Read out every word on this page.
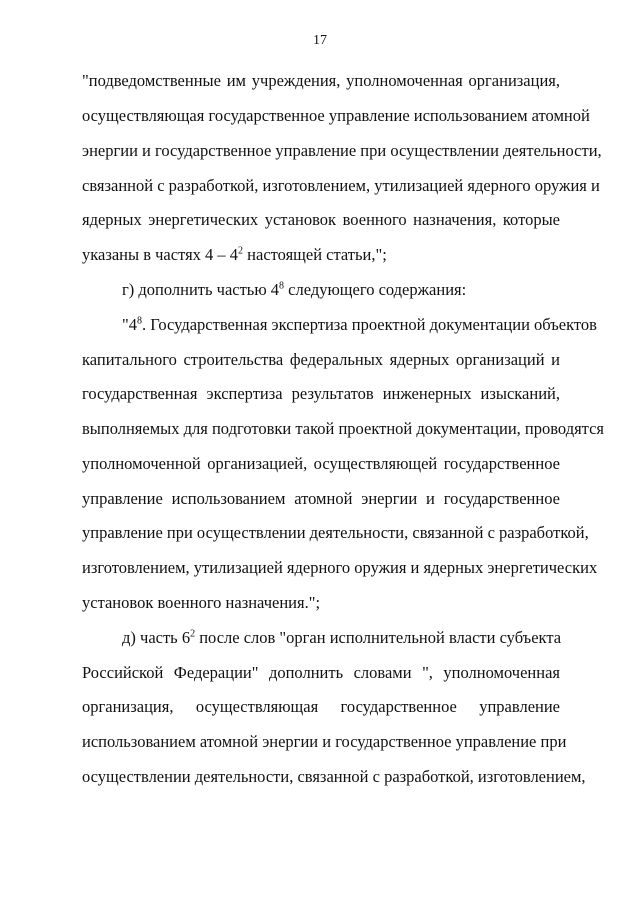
17
"подведомственные им учреждения, уполномоченная организация,
осуществляющая государственное управление использованием атомной
энергии и государственное управление при осуществлении деятельности,
связанной с разработкой, изготовлением, утилизацией ядерного оружия и
ядерных энергетических установок военного назначения, которые
указаны в частях $4 - 4^2$ настоящей статьи,";
г) дополнить частью $4^8$ следующего содержания:
"$4^8$. Государственная экспертиза проектной документации объектов
капитального строительства федеральных ядерных организаций и
государственная экспертиза результатов инженерных изысканий,
выполняемых для подготовки такой проектной документации, проводятся
уполномоченной организацией, осуществляющей государственное
управление использованием атомной энергии и государственное
управление при осуществлении деятельности, связанной с разработкой,
изготовлением, утилизацией ядерного оружия и ядерных энергетических
установок военного назначения.";
д) часть $6^2$ после слов "орган исполнительной власти субъекта
Российской Федерации" дополнить словами ", уполномоченная
организация, осуществляющая государственное управление
использованием атомной энергии и государственное управление при
осуществлении деятельности, связанной с разработкой, изготовлением,
